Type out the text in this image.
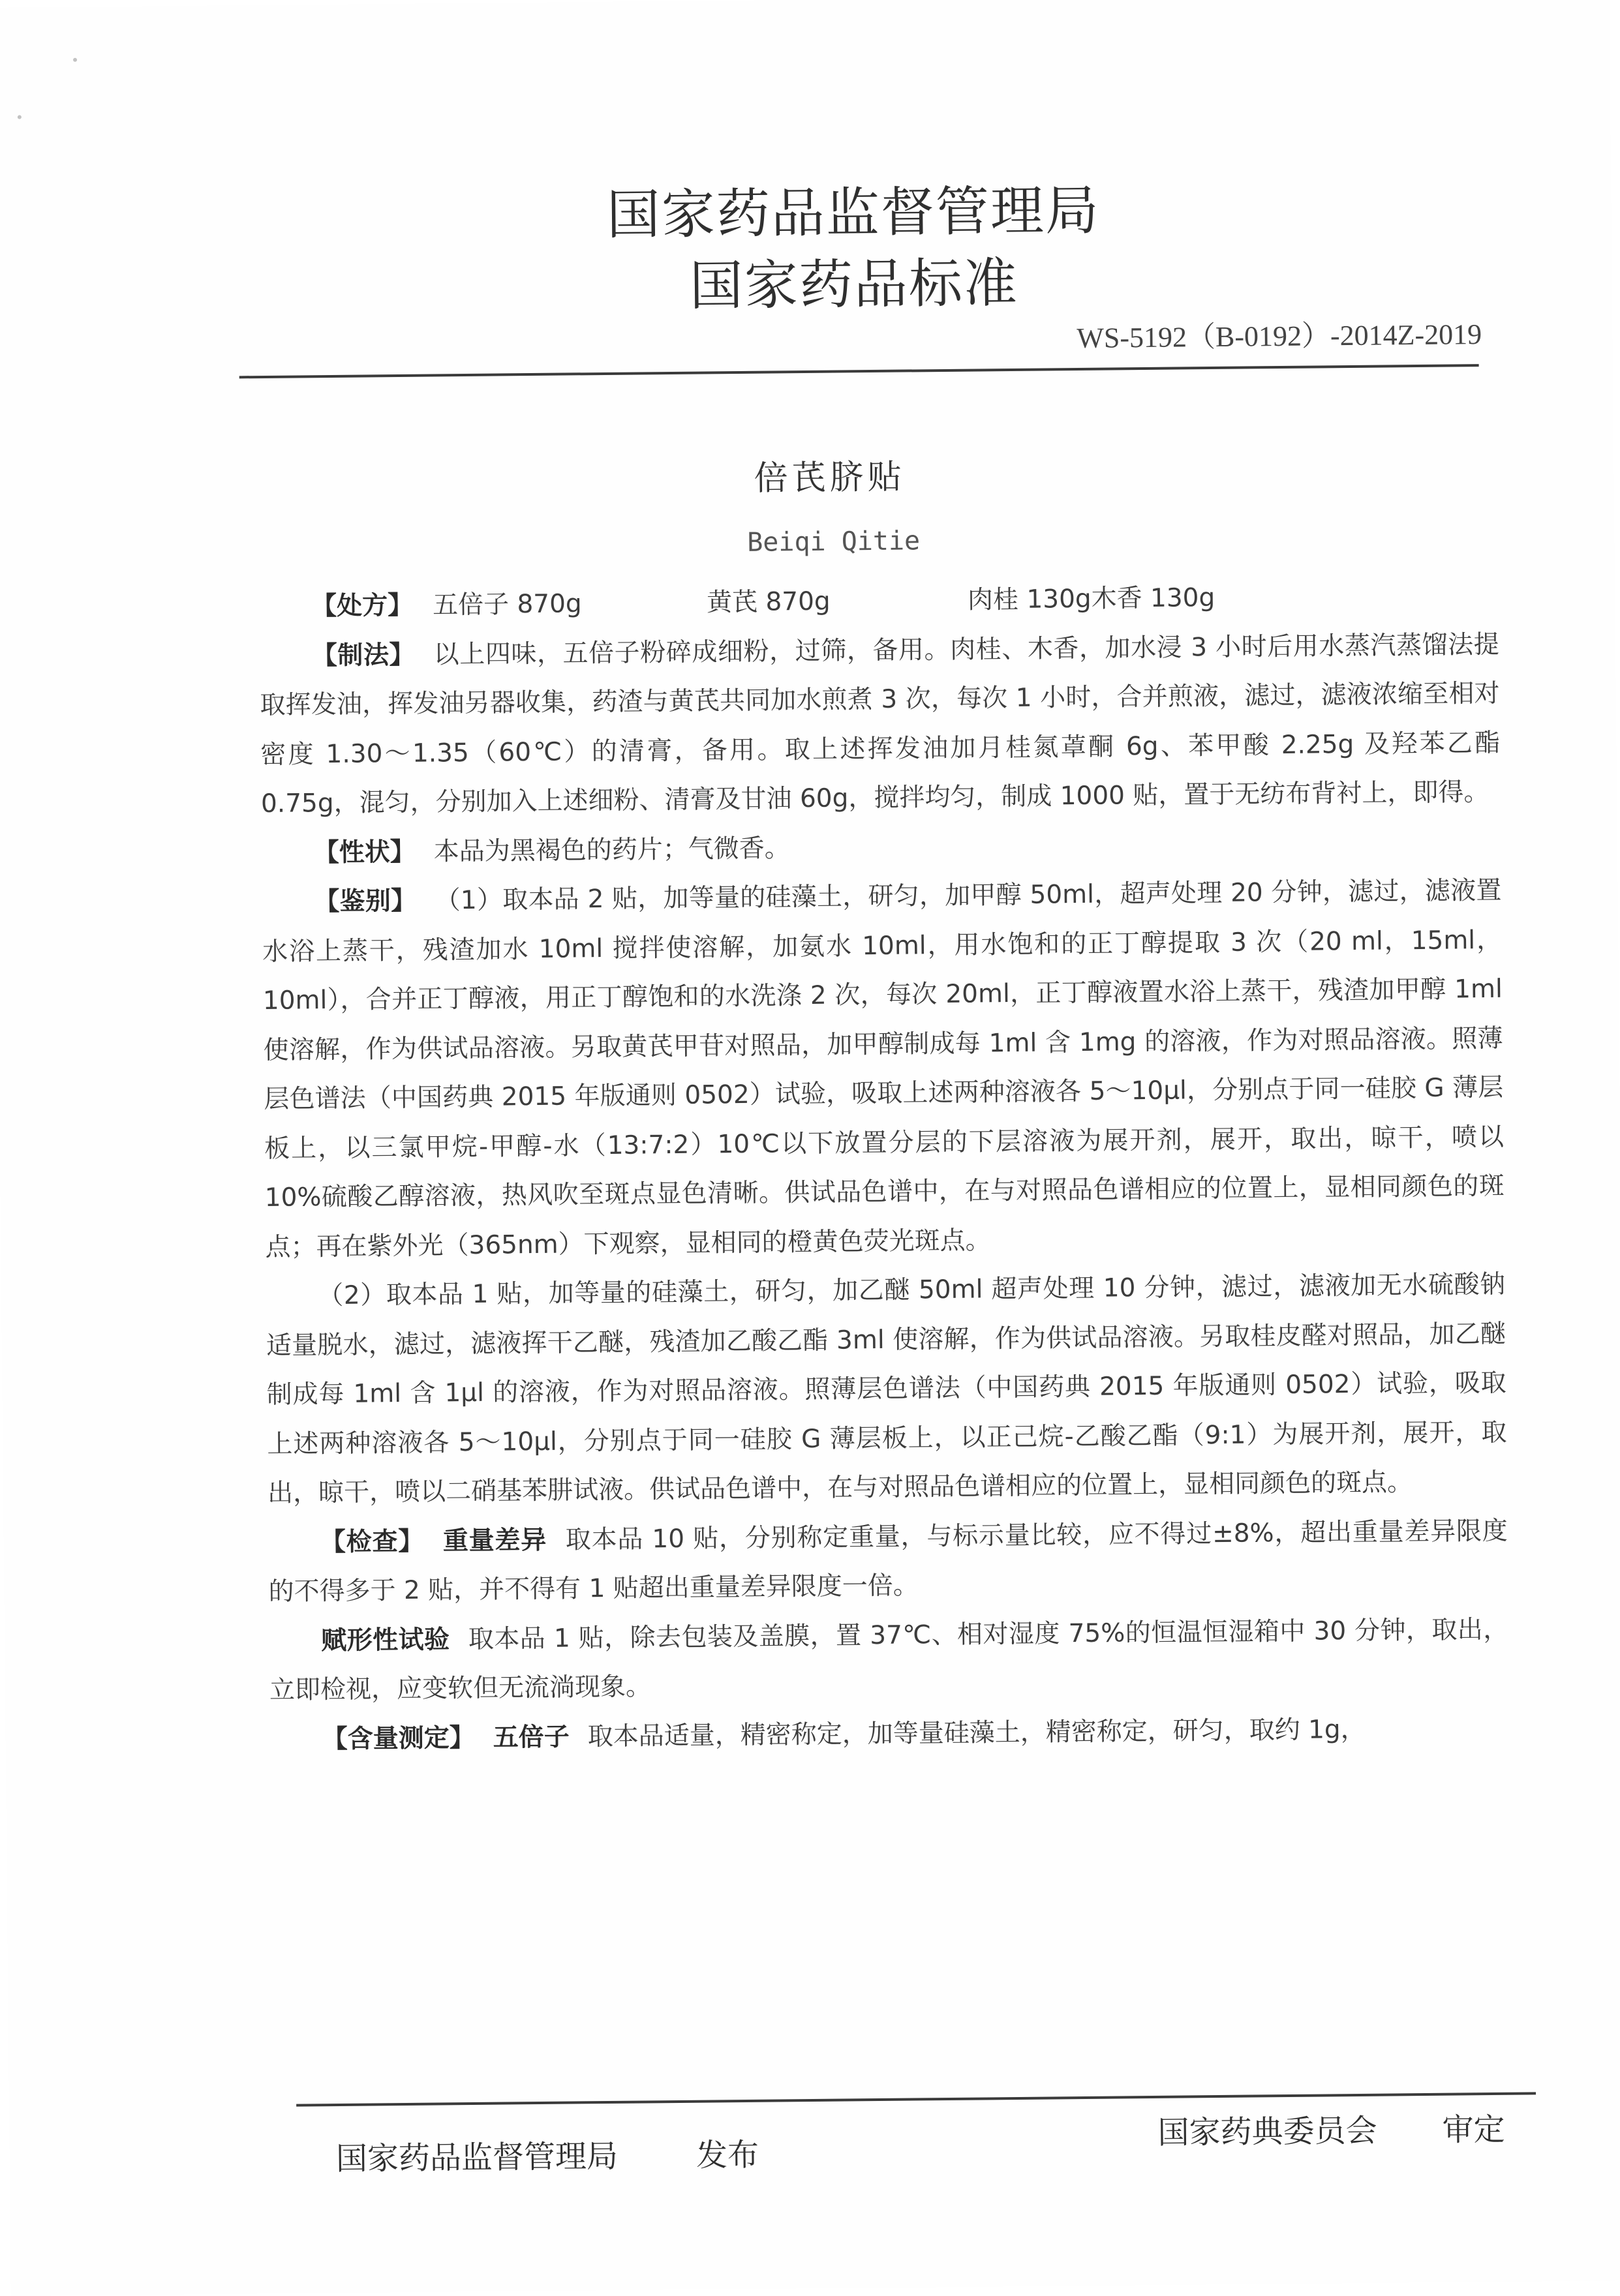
国家药品监督管理局
国家药品标准
WS-5192（B-0192）-2014Z-2019
倍芪脐贴
Beiqi Qitie
【处方】 五倍子 870g	黄芪 870g	肉桂 130g 木香 130g

【制法】 以上四味，五倍子粉碎成细粉，过筛，备用。肉桂、木香，加水浸 3 小时后用水蒸汽蒸馏法提取挥发油，挥发油另器收集，药渣与黄芪共同加水煎煮 3 次，每次 1 小时，合并煎液，滤过，滤液浓缩至相对密度 1.30～1.35（60℃）的清膏，备用。取上述挥发油加月桂氮䓬酮 6g、苯甲酸 2.25g 及羟苯乙酯 0.75g，混匀，分别加入上述细粉、清膏及甘油 60g，搅拌均匀，制成 1000 贴，置于无纺布背衬上，即得。

【性状】 本品为黑褐色的药片；气微香。

【鉴别】 （1）取本品 2 贴，加等量的硅藻土，研匀，加甲醇 50ml，超声处理 20 分钟，滤过，滤液置水浴上蒸干，残渣加水 10ml 搅拌使溶解，加氨水 10ml，用水饱和的正丁醇提取 3 次（20 ml，15ml，10ml），合并正丁醇液，用正丁醇饱和的水洗涤 2 次，每次 20ml，正丁醇液置水浴上蒸干，残渣加甲醇 1ml 使溶解，作为供试品溶液。另取黄芪甲苷对照品，加甲醇制成每 1ml 含 1mg 的溶液，作为对照品溶液。照薄层色谱法（中国药典 2015 年版通则 0502）试验，吸取上述两种溶液各 5～10μl，分别点于同一硅胶 G 薄层板上，以三氯甲烷-甲醇-水（13:7:2）10℃以下放置分层的下层溶液为展开剂，展开，取出，晾干，喷以 10%硫酸乙醇溶液，热风吹至斑点显色清晰。供试品色谱中，在与对照品色谱相应的位置上，显相同颜色的斑点；再在紫外光（365nm）下观察，显相同的橙黄色荧光斑点。

（2）取本品 1 贴，加等量的硅藻土，研匀，加乙醚 50ml 超声处理 10 分钟，滤过，滤液加无水硫酸钠适量脱水，滤过，滤液挥干乙醚，残渣加乙酸乙酯 3ml 使溶解，作为供试品溶液。另取桂皮醛对照品，加乙醚制成每 1ml 含 1μl 的溶液，作为对照品溶液。照薄层色谱法（中国药典 2015 年版通则 0502）试验，吸取上述两种溶液各 5～10μl，分别点于同一硅胶 G 薄层板上，以正己烷-乙酸乙酯（9:1）为展开剂，展开，取出，晾干，喷以二硝基苯肼试液。供试品色谱中，在与对照品色谱相应的位置上，显相同颜色的斑点。

【检查】 重量差异 取本品 10 贴，分别称定重量，与标示量比较，应不得过±8%，超出重量差异限度的不得多于 2 贴，并不得有 1 贴超出重量差异限度一倍。

赋形性试验 取本品 1 贴，除去包装及盖膜，置 37℃、相对湿度 75%的恒温恒湿箱中 30 分钟，取出，立即检视，应变软但无流淌现象。

【含量测定】 五倍子 取本品适量，精密称定，加等量硅藻土，精密称定，研匀，取约 1g，

国家药品监督管理局 发布
国家药典委员会 审定
